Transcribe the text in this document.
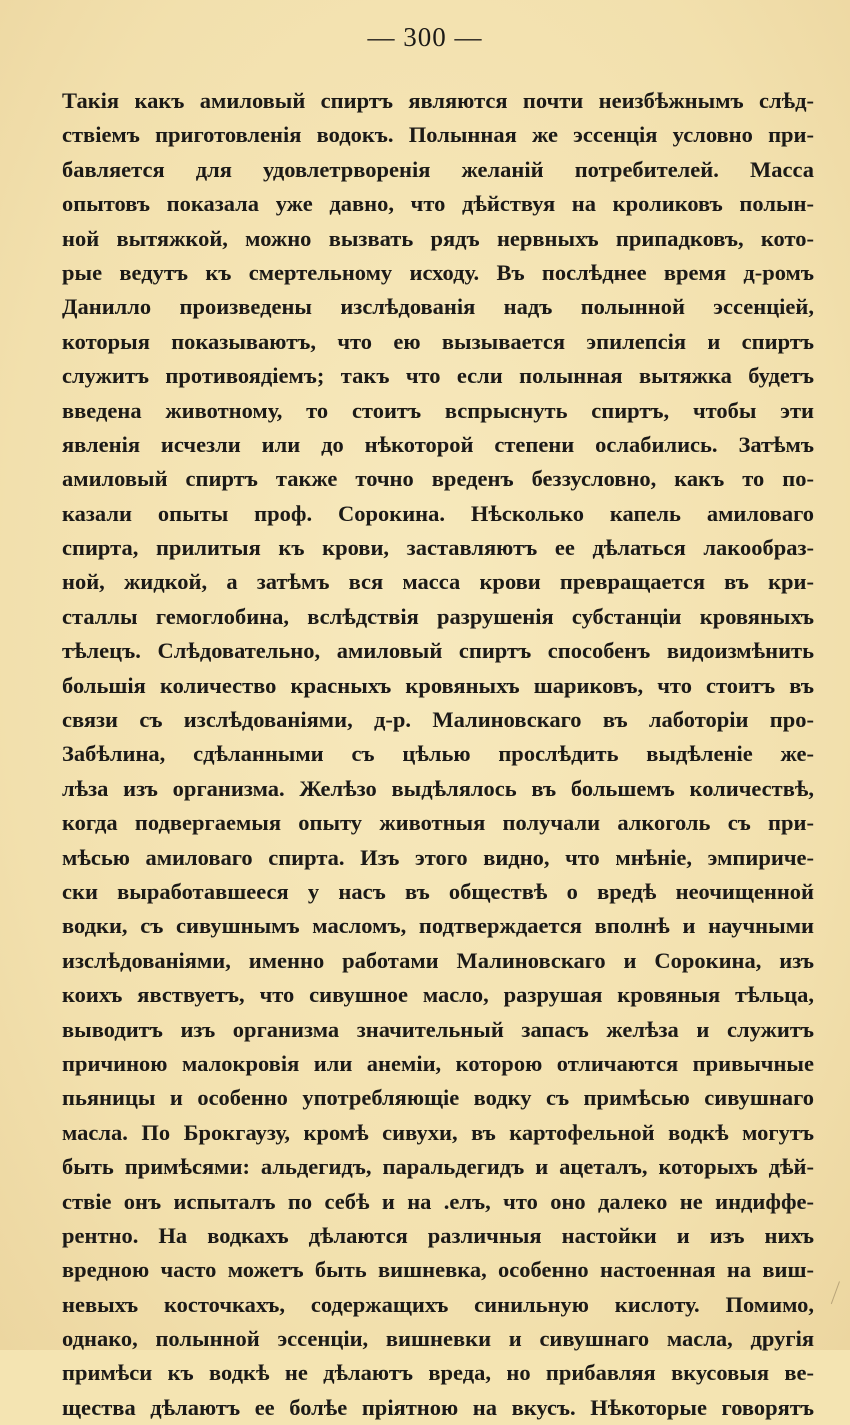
— 300 —
Такія какъ амиловый спиртъ являются почти неизбѣжнымъ слѣд-
ствіемъ приготовленія водокъ. Полынная же эссенція условно при-
бавляется для удовлетрворенія желаній потребителей. Масса
опытовъ показала уже давно, что дѣйствуя на кроликовъ полын-
ной вытяжкой, можно вызвать рядъ нервныхъ припадковъ, кото-
рые ведутъ къ смертельному исходу. Въ послѣднее время д-ромъ
Данилло произведены изслѣдованія надъ полынной эссенціей,
которыя показываютъ, что ею вызывается эпилепсія и спиртъ
служитъ противоядіемъ; такъ что если полынная вытяжка будетъ
введена животному, то стоитъ вспрыснуть спиртъ, чтобы эти
явленія исчезли или до нѣкоторой степени ослабились. Затѣмъ
амиловый спиртъ также точно вреденъ беззусловно, какъ то по-
казали опыты проф. Сорокина. Нѣсколько капель амиловаго
спирта, прилитыя къ крови, заставляютъ ее дѣлаться лакообраз-
ной, жидкой, а затѣмъ вся масса крови превращается въ кри-
сталлы гемоглобина, вслѣдствія разрушенія субстанціи кровяныхъ
тѣлецъ. Слѣдовательно, амиловый спиртъ способенъ видоизмѣнить
большія количество красныхъ кровяныхъ шариковъ, что стоитъ въ
связи съ изслѣдованіями, д-р. Малиновскаго въ лаботоріи про-
Забѣлина, сдѣланными съ цѣлью прослѣдить выдѣленіе же-
лѣза изъ организма. Желѣзо выдѣлялось въ большемъ количествѣ,
когда подвергаемыя опыту животныя получали алкоголь съ при-
мѣсью амиловаго спирта. Изъ этого видно, что мнѣніе, эмпириче-
ски выработавшееся у насъ въ обществѣ о вредѣ неочищенной
водки, съ сивушнымъ масломъ, подтверждается вполнѣ и научными
изслѣдованіями, именно работами Малиновскаго и Сорокина, изъ
коихъ явствуетъ, что сивушное масло, разрушая кровяныя тѣльца,
выводитъ изъ организма значительный запасъ желѣза и служитъ
причиною малокровія или анеміи, которою отличаются привычные
пьяницы и особенно употребляющіе водку съ примѣсью сивушнаго
масла. По Брокгаузу, кромѣ сивухи, въ картофельной водкѣ могутъ
быть примѣсями: альдегидъ, паральдегидъ и ацеталъ, которыхъ дѣй-
ствіе онъ испыталъ по себѣ и на .елъ, что оно далеко не индиффе-
рентно. На водкахъ дѣлаются различныя настойки и изъ нихъ
вредною часто можетъ быть вишневка, особенно настоенная на виш-
невыхъ косточкахъ, содержащихъ синильную кислоту. Помимо,
однако, полынной эссенціи, вишневки и сивушнаго масла, другія
примѣси къ водкѣ не дѣлаютъ вреда, но прибавляя вкусовыя ве-
щества дѣлаютъ ее болѣе пріятною на вкусъ. Нѣкоторые говорятъ
